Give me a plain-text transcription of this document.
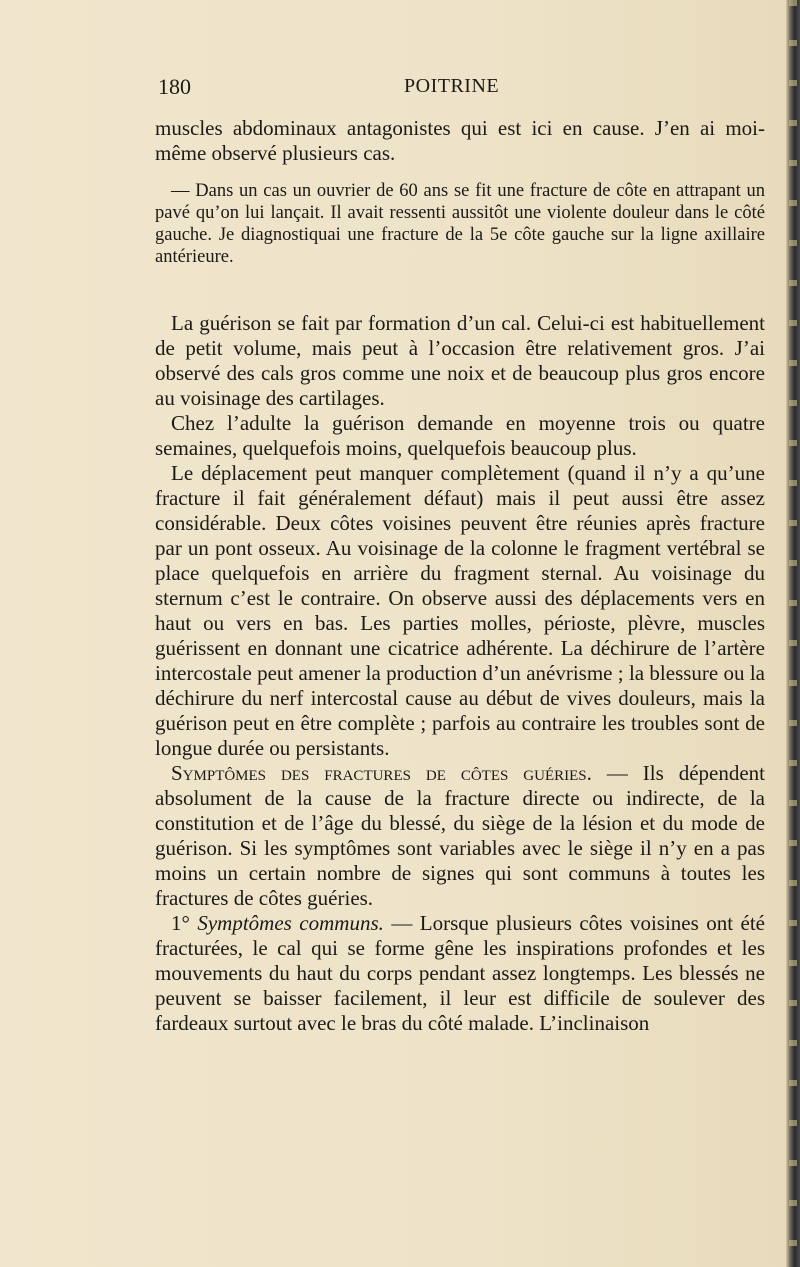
180	POITRINE

muscles abdominaux antagonistes qui est ici en cause. J’en ai moi-même observé plusieurs cas.

— Dans un cas un ouvrier de 60 ans se fit une fracture de côte en attrapant un pavé qu’on lui lançait. Il avait ressenti aussitôt une violente douleur dans le côté gauche. Je diagnostiquai une fracture de la 5e côte gauche sur la ligne axillaire antérieure.

La guérison se fait par formation d’un cal. Celui-ci est habituellement de petit volume, mais peut à l’occasion être relativement gros. J’ai observé des cals gros comme une noix et de beaucoup plus gros encore au voisinage des cartilages.

Chez l’adulte la guérison demande en moyenne trois ou quatre semaines, quelquefois moins, quelquefois beaucoup plus.

Le déplacement peut manquer complètement (quand il n’y a qu’une fracture il fait généralement défaut) mais il peut aussi être assez considérable. Deux côtes voisines peuvent être réunies après fracture par un pont osseux. Au voisinage de la colonne le fragment vertébral se place quelquefois en arrière du fragment sternal. Au voisinage du sternum c’est le contraire. On observe aussi des déplacements vers en haut ou vers en bas. Les parties molles, périoste, plèvre, muscles guérissent en donnant une cicatrice adhérente. La déchirure de l’artère intercostale peut amener la production d’un anévrisme ; la blessure ou la déchirure du nerf intercostal cause au début de vives douleurs, mais la guérison peut en être complète ; parfois au contraire les troubles sont de longue durée ou persistants.

Symptômes des fractures de côtes guéries. — Ils dépendent absolument de la cause de la fracture directe ou indirecte, de la constitution et de l’âge du blessé, du siège de la lésion et du mode de guérison. Si les symptômes sont variables avec le siège il n’y en a pas moins un certain nombre de signes qui sont communs à toutes les fractures de côtes guéries.

1° Symptômes communs. — Lorsque plusieurs côtes voisines ont été fracturées, le cal qui se forme gêne les inspirations profondes et les mouvements du haut du corps pendant assez longtemps. Les blessés ne peuvent se baisser facilement, il leur est difficile de soulever des fardeaux surtout avec le bras du côté malade. L’inclinaison
